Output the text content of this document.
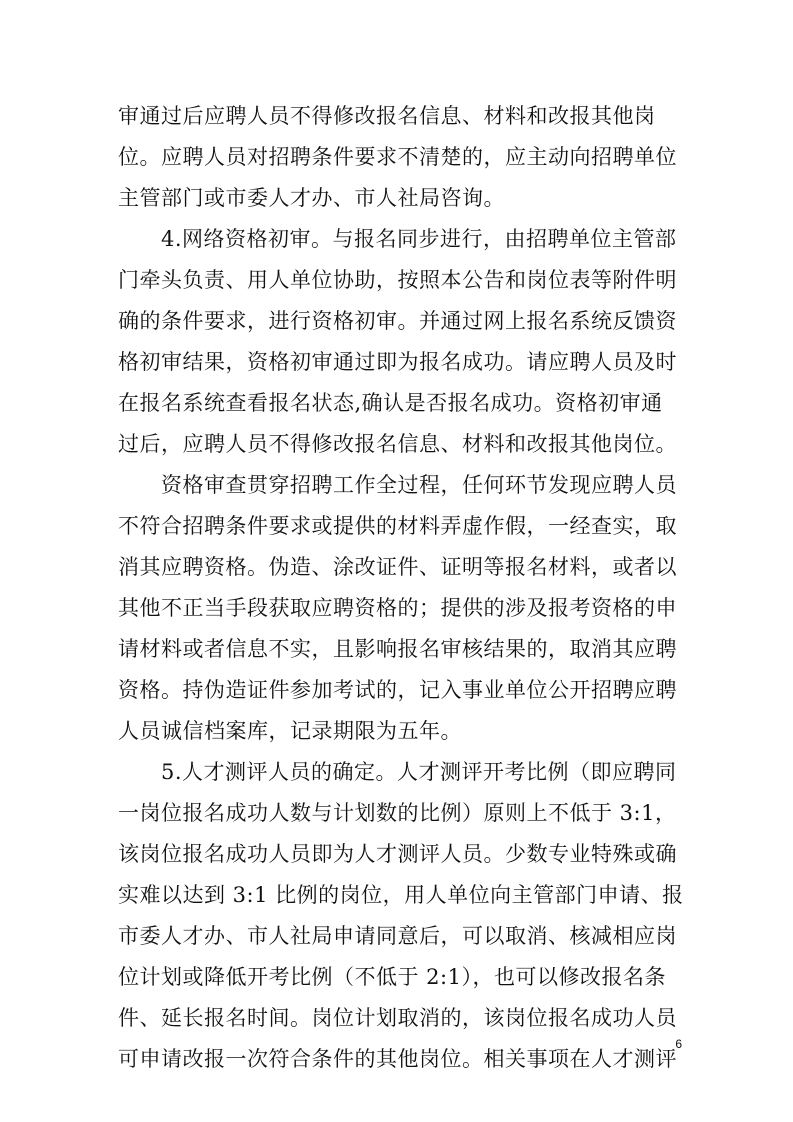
审通过后应聘人员不得修改报名信息、材料和改报其他岗
位。应聘人员对招聘条件要求不清楚的，应主动向招聘单位
主管部门或市委人才办、市人社局咨询。
　　4.网络资格初审。与报名同步进行，由招聘单位主管部
门牵头负责、用人单位协助，按照本公告和岗位表等附件明
确的条件要求，进行资格初审。并通过网上报名系统反馈资
格初审结果，资格初审通过即为报名成功。请应聘人员及时
在报名系统查看报名状态,确认是否报名成功。资格初审通
过后，应聘人员不得修改报名信息、材料和改报其他岗位。
　　资格审查贯穿招聘工作全过程，任何环节发现应聘人员
不符合招聘条件要求或提供的材料弄虚作假，一经查实，取
消其应聘资格。伪造、涂改证件、证明等报名材料，或者以
其他不正当手段获取应聘资格的；提供的涉及报考资格的申
请材料或者信息不实，且影响报名审核结果的，取消其应聘
资格。持伪造证件参加考试的，记入事业单位公开招聘应聘
人员诚信档案库，记录期限为五年。
　　5.人才测评人员的确定。人才测评开考比例（即应聘同
一岗位报名成功人数与计划数的比例）原则上不低于 3:1，
该岗位报名成功人员即为人才测评人员。少数专业特殊或确
实难以达到 3:1 比例的岗位，用人单位向主管部门申请、报
市委人才办、市人社局申请同意后，可以取消、核减相应岗
位计划或降低开考比例（不低于 2:1），也可以修改报名条
件、延长报名时间。岗位计划取消的，该岗位报名成功人员
可申请改报一次符合条件的其他岗位。相关事项在人才测评
6
